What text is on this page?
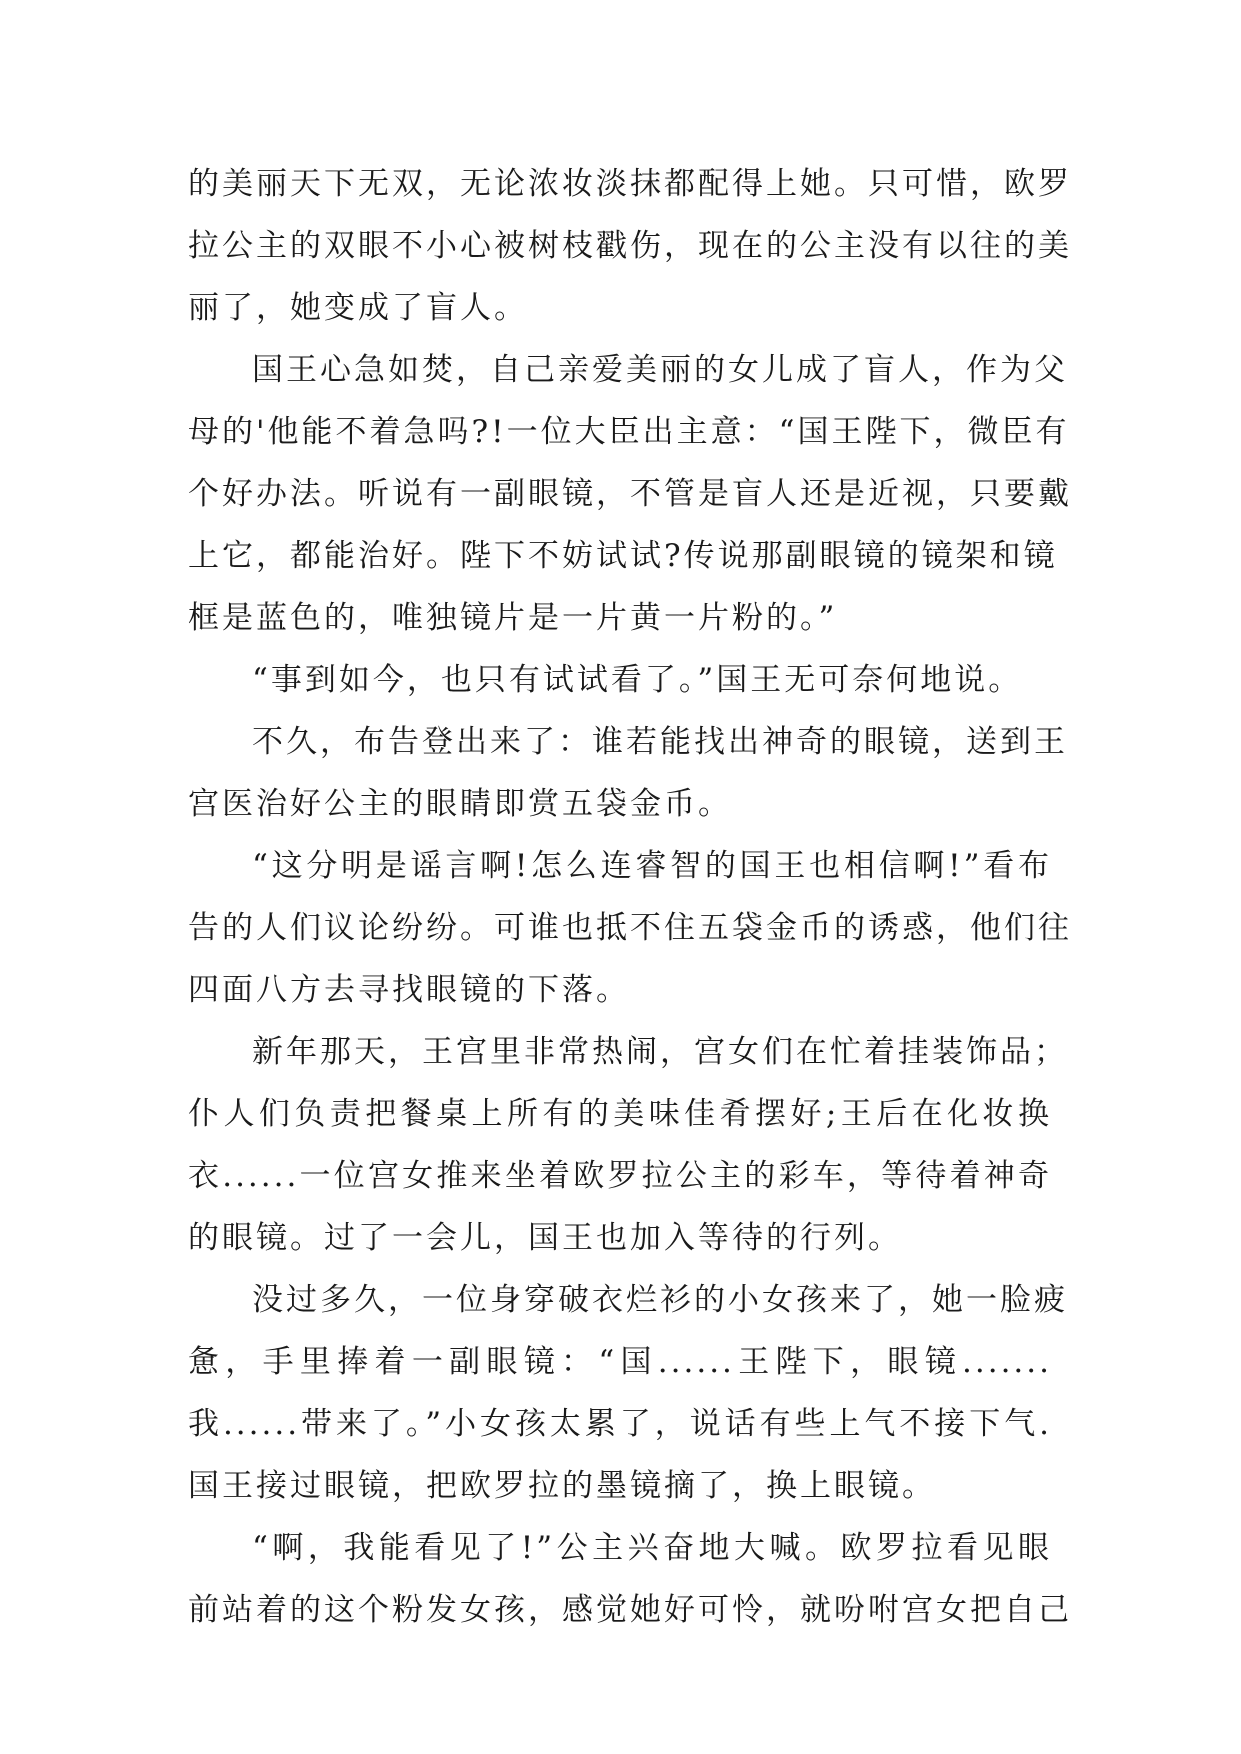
的美丽天下无双，无论浓妆淡抹都配得上她。只可惜，欧罗
拉公主的双眼不小心被树枝戳伤，现在的公主没有以往的美
丽了，她变成了盲人。
国王心急如焚，自己亲爱美丽的女儿成了盲人，作为父
母的'他能不着急吗?!一位大臣出主意：“国王陛下，微臣有
个好办法。听说有一副眼镜，不管是盲人还是近视，只要戴
上它，都能治好。陛下不妨试试?传说那副眼镜的镜架和镜
框是蓝色的，唯独镜片是一片黄一片粉的。”
“事到如今，也只有试试看了。”国王无可奈何地说。
不久，布告登出来了：谁若能找出神奇的眼镜，送到王
宫医治好公主的眼睛即赏五袋金币。
“这分明是谣言啊!怎么连睿智的国王也相信啊!”看布
告的人们议论纷纷。可谁也抵不住五袋金币的诱惑，他们往
四面八方去寻找眼镜的下落。
新年那天，王宫里非常热闹，宫女们在忙着挂装饰品；
仆人们负责把餐桌上所有的美味佳肴摆好;王后在化妆换
衣......一位宫女推来坐着欧罗拉公主的彩车，等待着神奇
的眼镜。过了一会儿，国王也加入等待的行列。
没过多久，一位身穿破衣烂衫的小女孩来了，她一脸疲
惫，手里捧着一副眼镜：“国......王陛下，眼镜.......
我......带来了。”小女孩太累了，说话有些上气不接下气.
国王接过眼镜，把欧罗拉的墨镜摘了，换上眼镜。
“啊，我能看见了!”公主兴奋地大喊。欧罗拉看见眼
前站着的这个粉发女孩，感觉她好可怜，就吩咐宫女把自己
